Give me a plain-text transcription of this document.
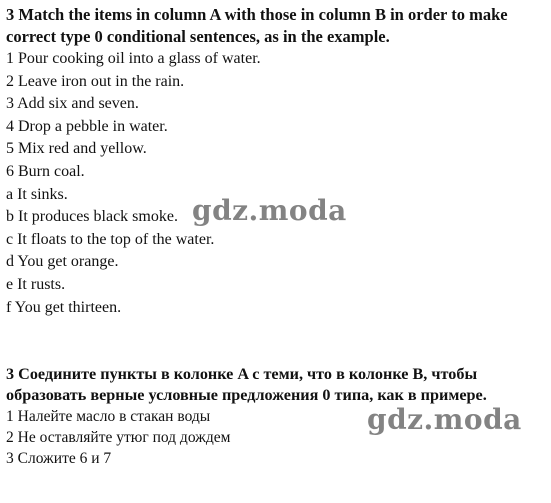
3 Match the items in column A with those in column B in order to make

correct type 0 conditional sentences, as in the example.

1 Pour cooking oil into a glass of water.

2 Leave iron out in the rain.

3 Add six and seven.

4 Drop a pebble in water.

5 Mix red and yellow.

6 Burn coal.

a It sinks.

b It produces black smoke.

c It floats to the top of the water.

d You get orange.

e It rusts.

f You get thirteen.

3 Соедините пункты в колонке A с теми, что в колонке B, чтобы

образовать верные условные предложения 0 типа, как в примере.

1 Налейте масло в стакан воды

2 Не оставляйте утюг под дождем

3 Сложите 6 и 7

gdz.moda
gdz.moda
